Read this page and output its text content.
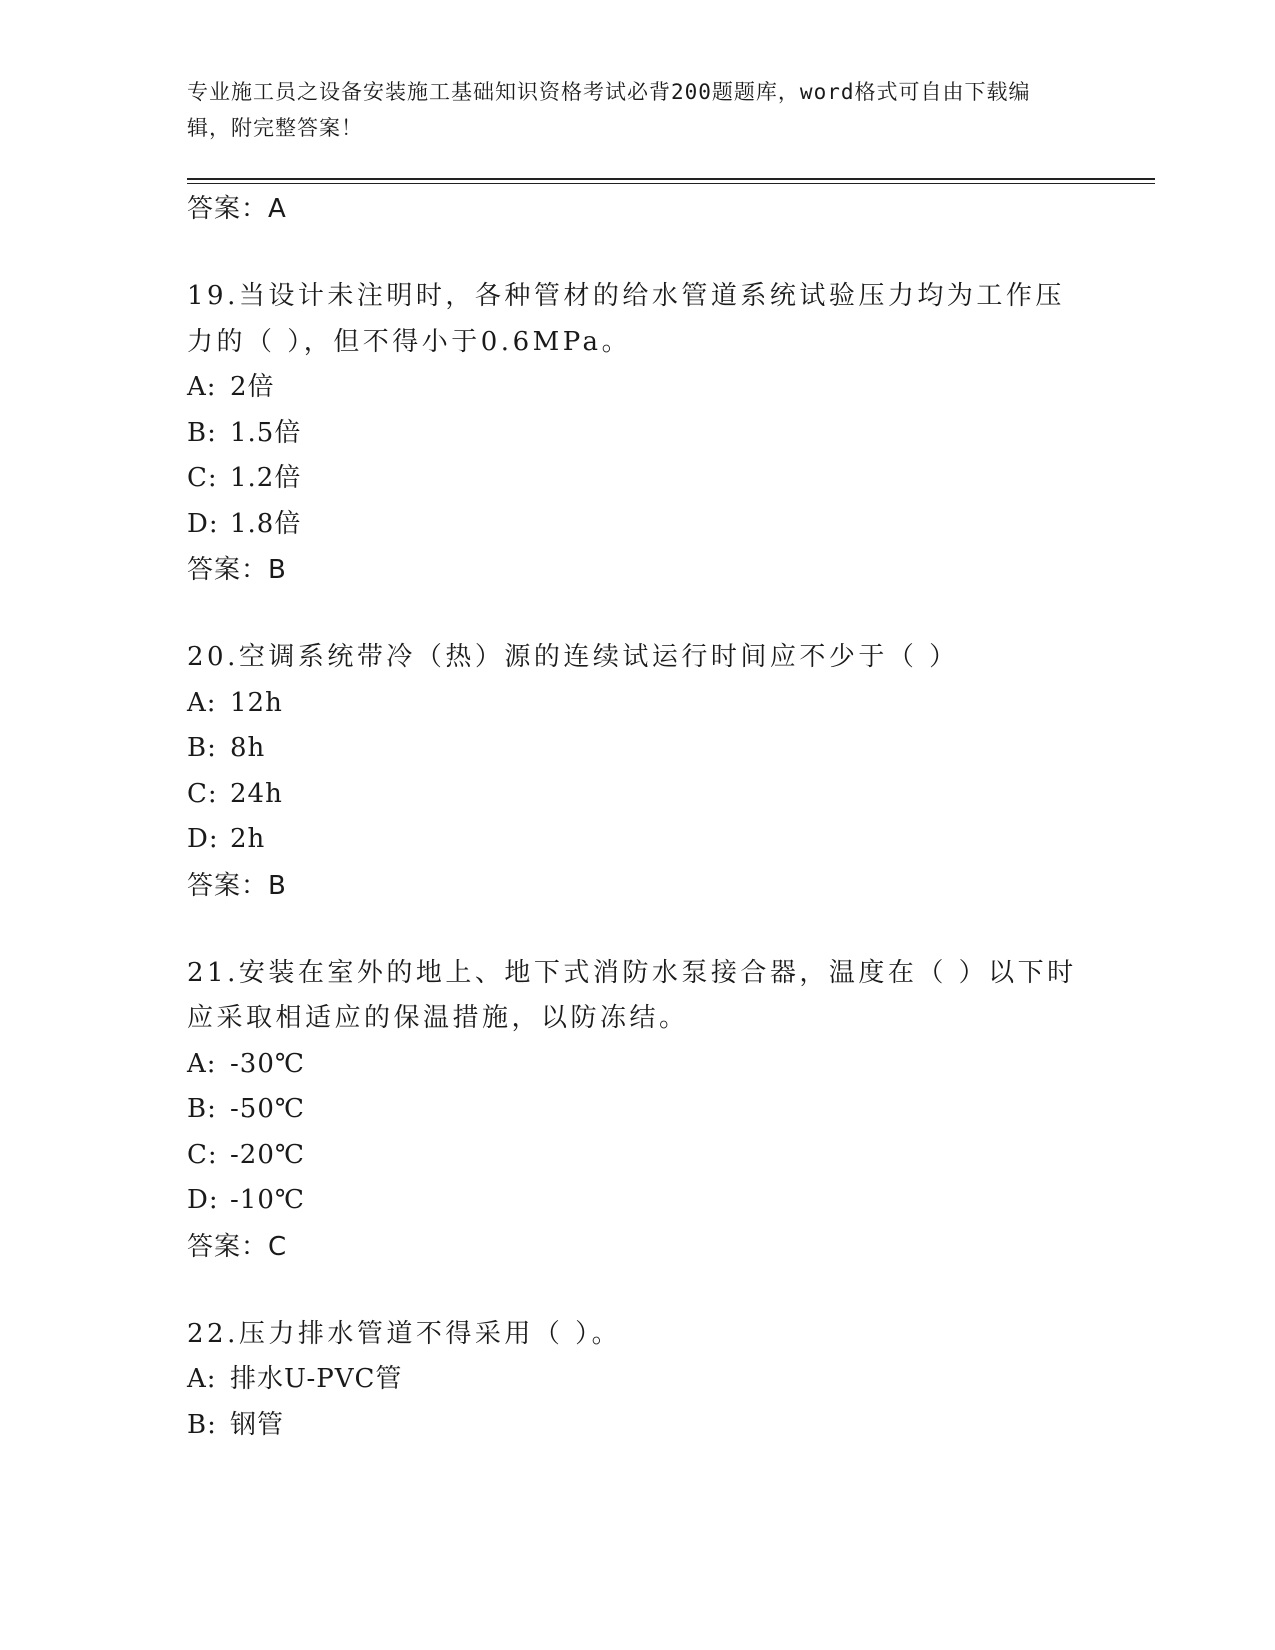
专业施工员之设备安装施工基础知识资格考试必背200题题库，word格式可自由下载编辑，附完整答案！
答案：A
19.当设计未注明时，各种管材的给水管道系统试验压力均为工作压力的（ ），但不得小于0.6MPa。
A: 2倍
B: 1.5倍
C: 1.2倍
D: 1.8倍
答案：B
20.空调系统带冷（热）源的连续试运行时间应不少于（ ）
A: 12h
B: 8h
C: 24h
D: 2h
答案：B
21.安装在室外的地上、地下式消防水泵接合器，温度在（ ）以下时应采取相适应的保温措施，以防冻结。
A: -30℃
B: -50℃
C: -20℃
D: -10℃
答案：C
22.压力排水管道不得采用（ ）。
A: 排水U-PVC管
B: 钢管
